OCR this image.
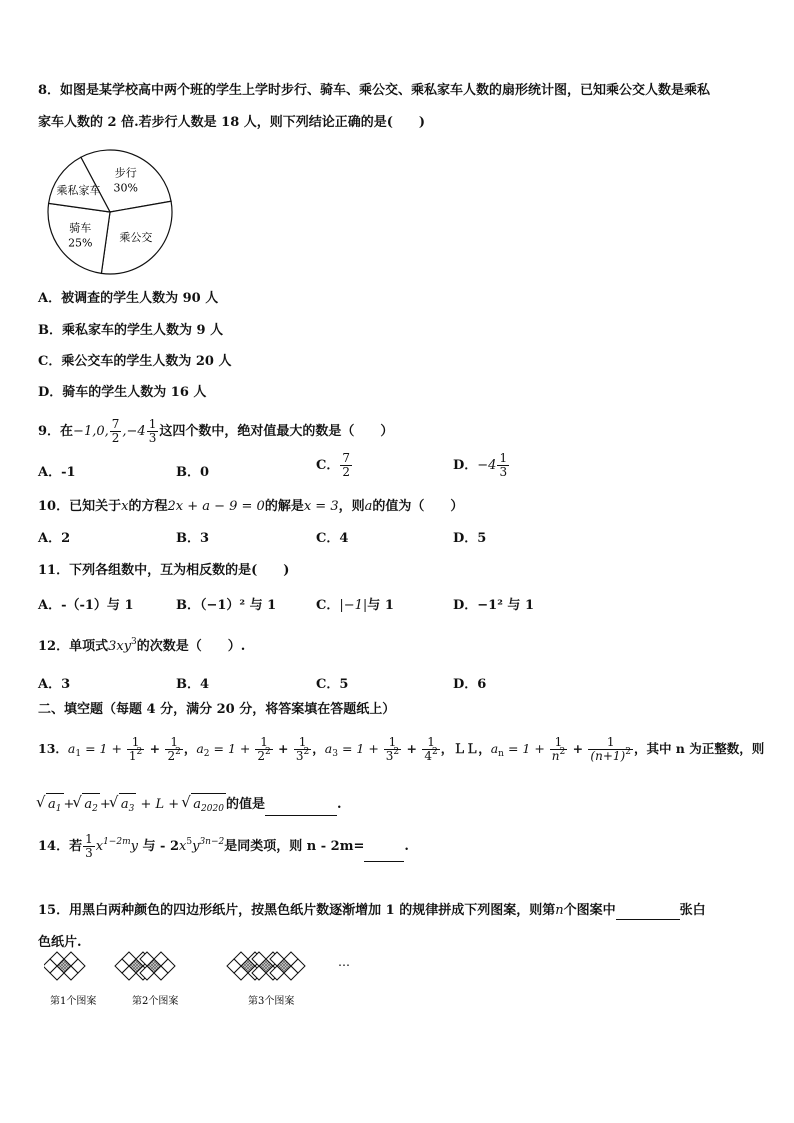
8．如图是某学校高中两个班的学生上学时步行、骑车、乘公交、乘私家车人数的扇形统计图，已知乘公交人数是乘私
家车人数的 2 倍.若步行人数是 18 人，则下列结论正确的是(　　)
步行
30%
乘公交
骑车
25%
乘私家车
A．被调查的学生人数为 90 人
B．乘私家车的学生人数为 9 人
C．乘公交车的学生人数为 20 人
D．骑车的学生人数为 16 人
9．在−1,0, $\frac{7}{2} ,-4 \frac{1}{3}$ 这四个数中，绝对值最大的数是（　　）
A．-1	B．0	C． $\frac{7}{2}$	D．$-4 \frac{1}{3}$
10．已知关于x的方程2x + a − 9 = 0的解是x = 3，则a的值为（　　）
A．2	B．3	C．4	D．5
11．下列各组数中，互为相反数的是(　　)
A．-（-1）与 1	B．（−1）² 与 1	C．|−1|与 1	D．−1² 与 1
12．单项式$3xy^3$的次数是（　　）.
A．3	B．4	C．5	D．6
二、填空题（每题 4 分，满分 20 分，将答案填在答题纸上）
13．$a_1 = 1 + \frac{1}{1^2} + \frac{1}{2^2}$ ，$a_2 = 1 + \frac{1}{2^2} + \frac{1}{3^2}$ ，$a_3 = 1 + \frac{1}{3^2} + \frac{1}{4^2}$ ，ＬＬ，$a_n = 1 + \frac{1}{n^2} + \frac{1}{(n+1)^2}$ ，其中 n 为正整数，则
√ $a_1$ + √ $a_2$ + √ $a_3 + L$ + √ $a_{2020}$ 的值是	.
14．若 $\frac{1}{3} x^{1-2m}y$ 与 - $2x^5y^{3n-2}$是同类项，则 n - 2m=	.
15．用黑白两种颜色的四边形纸片，按黑色纸片数逐渐增加 1 的规律拼成下列图案，则第n个图案中	张白
色纸片.
第1个图案	第2个图案	第3个图案
…
